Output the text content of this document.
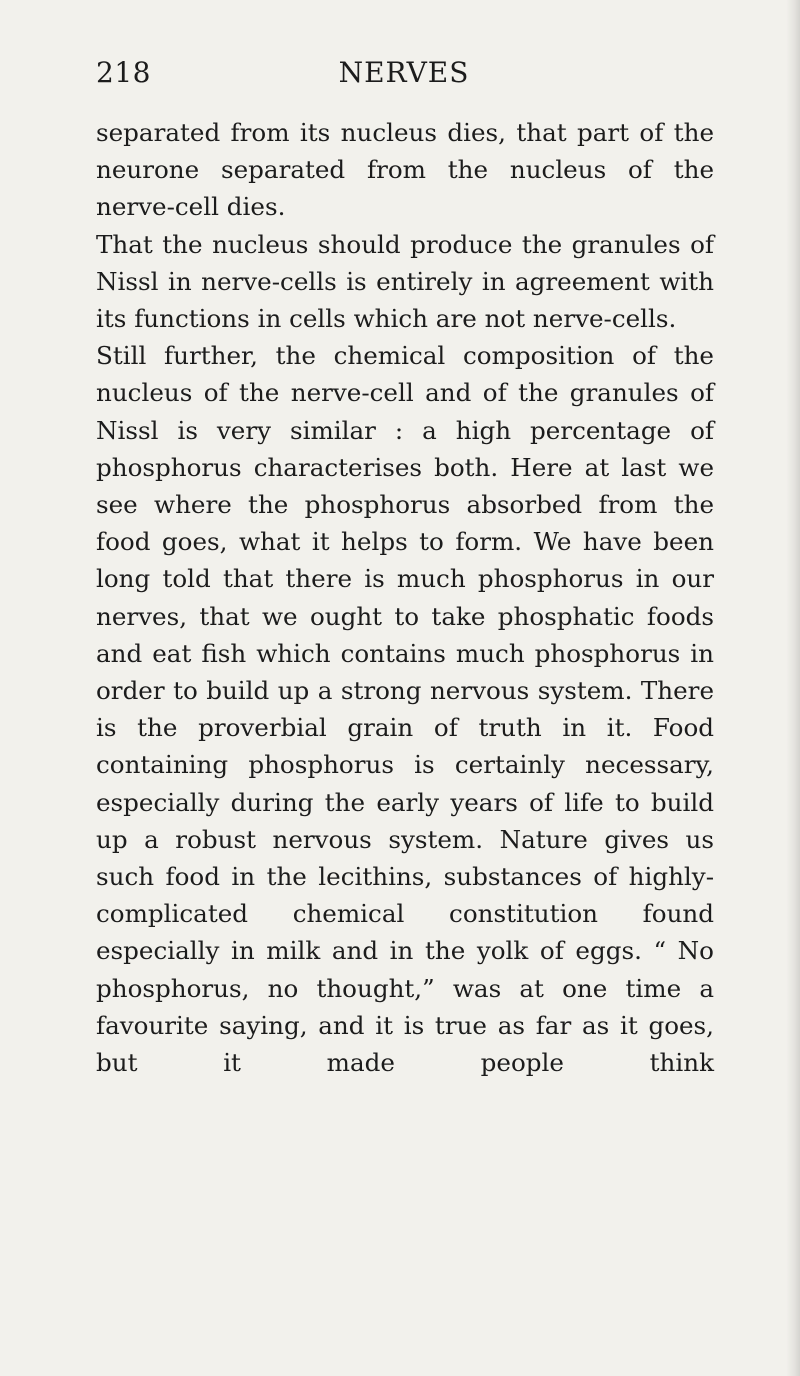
218	NERVES

separated from its nucleus dies, that part of the neurone separated from the nucleus of the nerve-cell dies.

That the nucleus should produce the granules of Nissl in nerve-cells is entirely in agreement with its functions in cells which are not nerve-cells.

Still further, the chemical composition of the nucleus of the nerve-cell and of the granules of Nissl is very similar : a high percentage of phosphorus characterises both. Here at last we see where the phosphorus absorbed from the food goes, what it helps to form. We have been long told that there is much phosphorus in our nerves, that we ought to take phosphatic foods and eat fish which contains much phosphorus in order to build up a strong nervous system. There is the proverbial grain of truth in it. Food containing phosphorus is certainly necessary, especially during the early years of life to build up a robust nervous system. Nature gives us such food in the lecithins, substances of highly-complicated chemical constitution found especially in milk and in the yolk of eggs. “ No phosphorus, no thought,” was at one time a favourite saying, and it is true as far as it goes, but it made people think
